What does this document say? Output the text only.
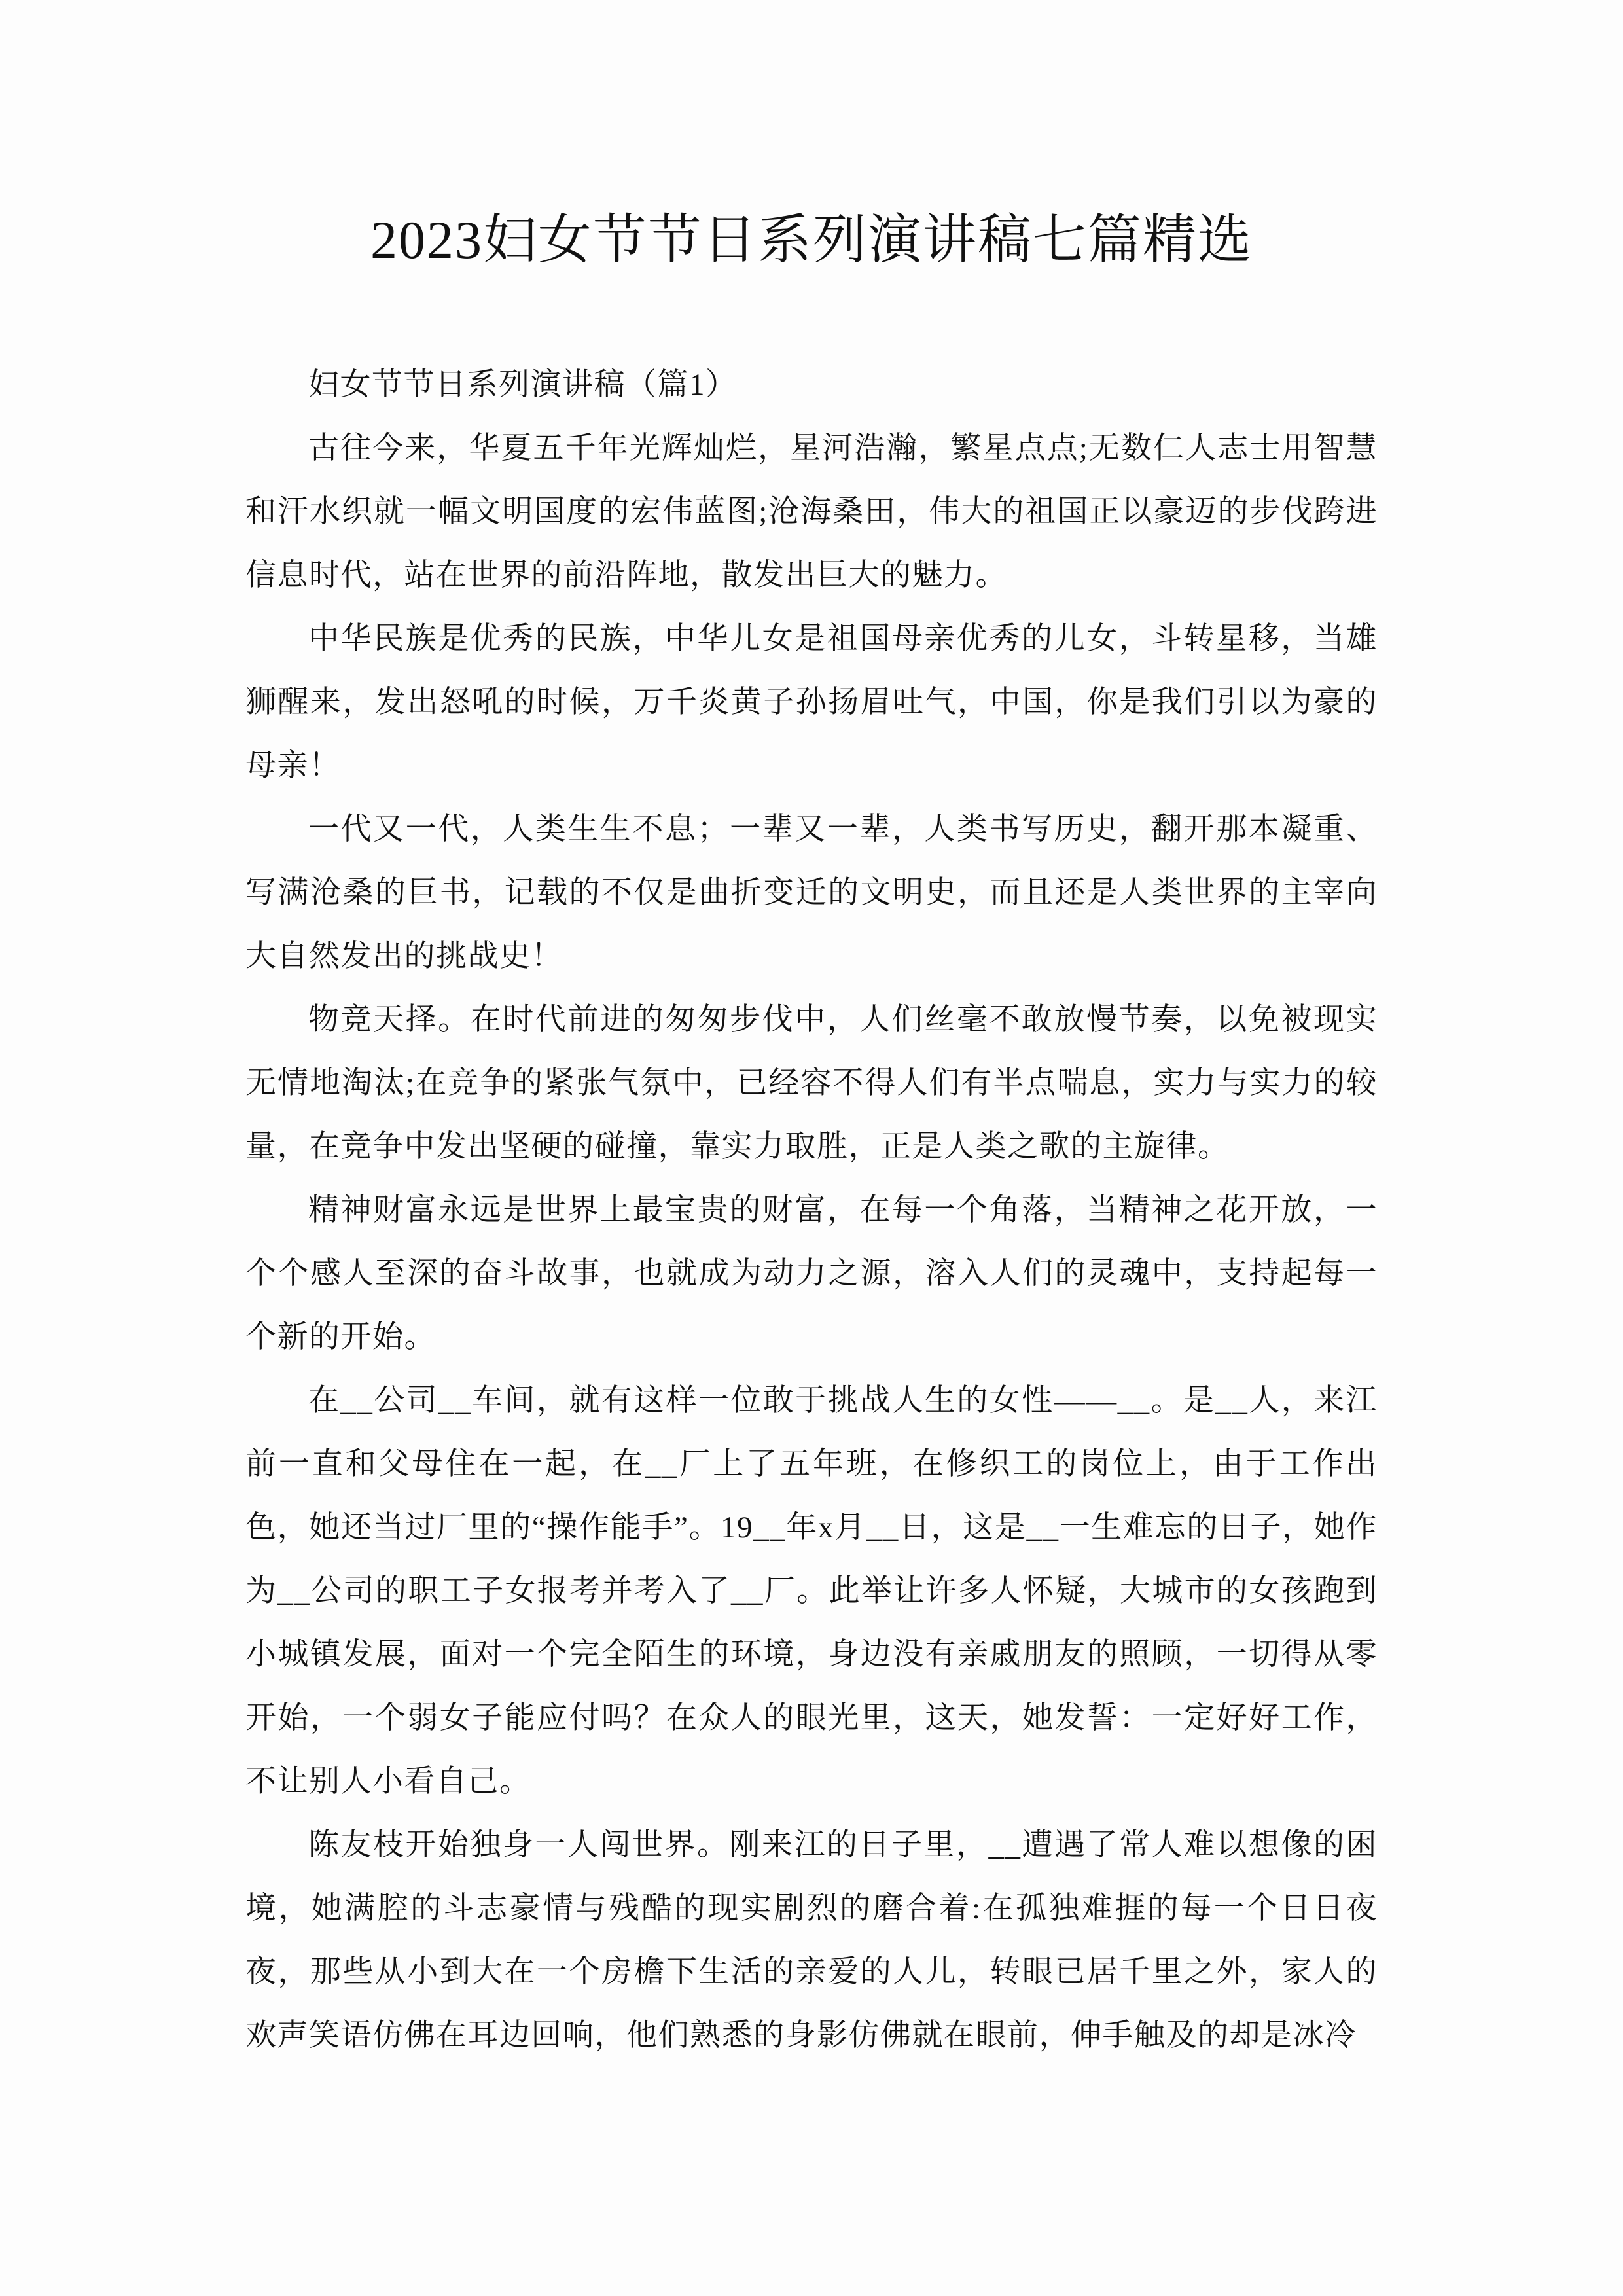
2023妇女节节日系列演讲稿七篇精选

妇女节节日系列演讲稿（篇1）

古往今来，华夏五千年光辉灿烂，星河浩瀚，繁星点点;无数仁人志士用智慧和汗水织就一幅文明国度的宏伟蓝图;沧海桑田，伟大的祖国正以豪迈的步伐跨进信息时代，站在世界的前沿阵地，散发出巨大的魅力。

中华民族是优秀的民族，中华儿女是祖国母亲优秀的儿女，斗转星移，当雄狮醒来，发出怒吼的时候，万千炎黄子孙扬眉吐气，中国，你是我们引以为豪的母亲！

一代又一代，人类生生不息；一辈又一辈，人类书写历史，翻开那本凝重、写满沧桑的巨书，记载的不仅是曲折变迁的文明史，而且还是人类世界的主宰向大自然发出的挑战史！

物竞天择。在时代前进的匆匆步伐中，人们丝毫不敢放慢节奏，以免被现实无情地淘汰;在竞争的紧张气氛中，已经容不得人们有半点喘息，实力与实力的较量，在竞争中发出坚硬的碰撞，靠实力取胜，正是人类之歌的主旋律。

精神财富永远是世界上最宝贵的财富，在每一个角落，当精神之花开放，一个个感人至深的奋斗故事，也就成为动力之源，溶入人们的灵魂中，支持起每一个新的开始。

在__公司__车间，就有这样一位敢于挑战人生的女性——__。是__人，来江前一直和父母住在一起，在__厂上了五年班，在修织工的岗位上，由于工作出色，她还当过厂里的“操作能手”。19__年x月__日，这是__一生难忘的日子，她作为__公司的职工子女报考并考入了__厂。此举让许多人怀疑，大城市的女孩跑到小城镇发展，面对一个完全陌生的环境，身边没有亲戚朋友的照顾，一切得从零开始，一个弱女子能应付吗？在众人的眼光里，这天，她发誓：一定好好工作，不让别人小看自己。

陈友枝开始独身一人闯世界。刚来江的日子里，__遭遇了常人难以想像的困境，她满腔的斗志豪情与残酷的现实剧烈的磨合着:在孤独难捱的每一个日日夜夜，那些从小到大在一个房檐下生活的亲爱的人儿，转眼已居千里之外，家人的欢声笑语仿佛在耳边回响，他们熟悉的身影仿佛就在眼前，伸手触及的却是冰冷
